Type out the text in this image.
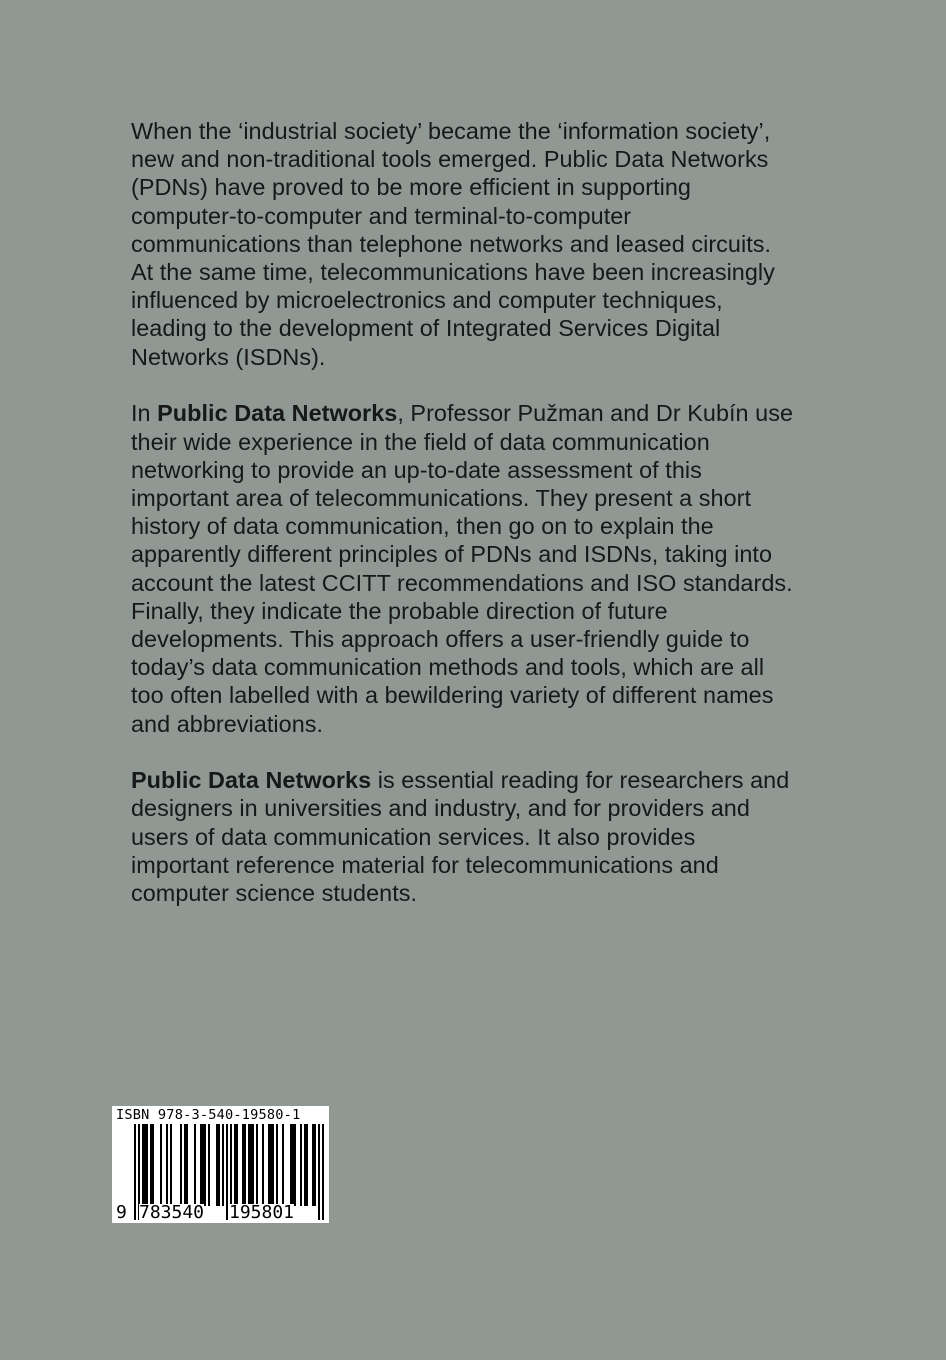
When the ‘industrial society’ became the ‘information society’,
new and non-traditional tools emerged. Public Data Networks
(PDNs) have proved to be more efficient in supporting
computer-to-computer and terminal-to-computer
communications than telephone networks and leased circuits.
At the same time, telecommunications have been increasingly
influenced by microelectronics and computer techniques,
leading to the development of Integrated Services Digital
Networks (ISDNs).

In Public Data Networks, Professor Pužman and Dr Kubín use
their wide experience in the field of data communication
networking to provide an up-to-date assessment of this
important area of telecommunications. They present a short
history of data communication, then go on to explain the
apparently different principles of PDNs and ISDNs, taking into
account the latest CCITT recommendations and ISO standards.
Finally, they indicate the probable direction of future
developments. This approach offers a user-friendly guide to
today’s data communication methods and tools, which are all
too often labelled with a bewildering variety of different names
and abbreviations.

Public Data Networks is essential reading for researchers and
designers in universities and industry, and for providers and
users of data communication services. It also provides
important reference material for telecommunications and
computer science students.

ISBN 978-3-540-19580-1
9 783540 195801
